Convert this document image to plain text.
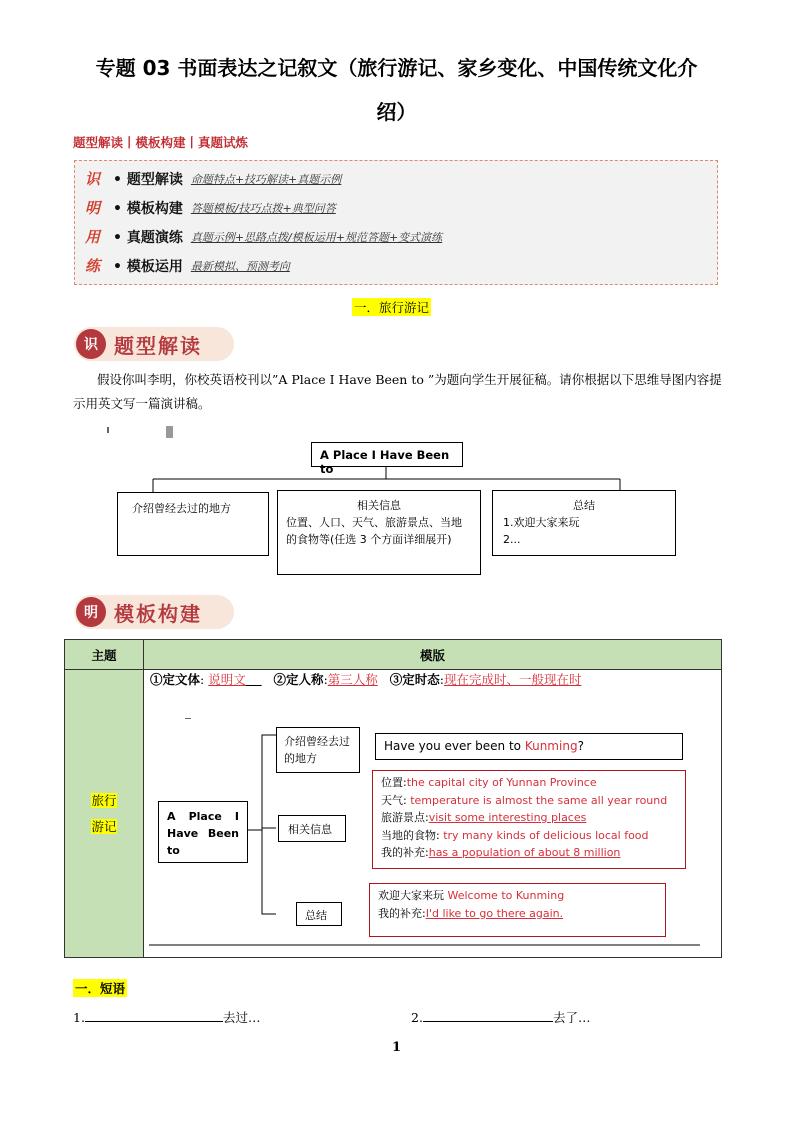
专题 03 书面表达之记叙文（旅行游记、家乡变化、中国传统文化介
绍）
题型解读丨模板构建丨真题试炼
识 • 题型解读 命题特点+技巧解读+真题示例
明 • 模板构建 答题模板/技巧点拨+典型问答
用 • 真题演练 真题示例+思路点拨/模板运用+规范答题+变式演练
练 • 模板运用 最新模拟、预测考向
一．旅行游记
识 题型解读
假设你叫李明，你校英语校刊以”A Place I Have Been to ”为题向学生开展征稿。请你根据以下思维导图内容提示用英文写一篇演讲稿。
A Place I Have Been to
介绍曾经去过的地方	相关信息
位置、人口、天气、旅游景点、当地的食物等(任选 3 个方面详细展开)
总结
1.欢迎大家来玩
2...
明 模板构建
主题	模版

旅行
游记	①定文体: 说明文 ②定人称:第三人称 ③定时态:现在完成时、一般现在时
A Place I Have Been to
介绍曾经去过的地方
相关信息
总结
Have you ever been to Kunming?
位置:the capital city of Yunnan Province
天气: temperature is almost the same all year round
旅游景点:visit some interesting places
当地的食物: try many kinds of delicious local food
我的补充:has a population of about 8 million
欢迎大家来玩 Welcome to Kunming
我的补充:I'd like to go there again.
一．短语
1.	去过…	2.	去了…
1
